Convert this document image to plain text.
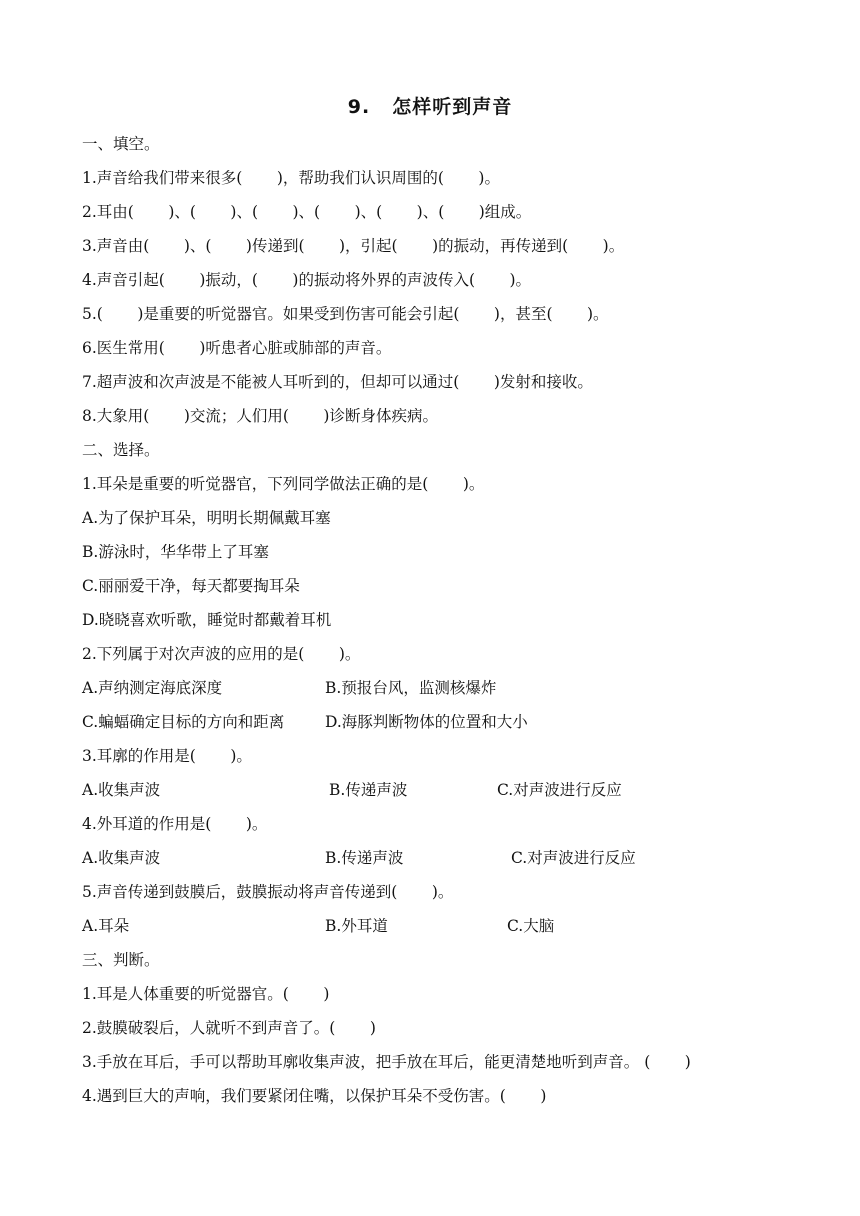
9. 怎样听到声音
一、填空。
1.声音给我们带来很多(       )，帮助我们认识周围的(       )。
2.耳由(       )、(       )、(       )、(       )、(       )、(       )组成。
3.声音由(       )、(       )传递到(       )，引起(       )的振动，再传递到(       )。
4.声音引起(       )振动，(       )的振动将外界的声波传入(       )。
5.(       )是重要的听觉器官。如果受到伤害可能会引起(       )，甚至(       )。
6.医生常用(       )听患者心脏或肺部的声音。
7.超声波和次声波是不能被人耳听到的，但却可以通过(       )发射和接收。
8.大象用(       )交流；人们用(       )诊断身体疾病。
二、选择。
1.耳朵是重要的听觉器官，下列同学做法正确的是(       )。
A.为了保护耳朵，明明长期佩戴耳塞
B.游泳时，华华带上了耳塞
C.丽丽爱干净，每天都要掏耳朵
D.晓晓喜欢听歌，睡觉时都戴着耳机
2.下列属于对次声波的应用的是(       )。
A.声纳测定海底深度	B.预报台风，监测核爆炸
C.蝙蝠确定目标的方向和距离	D.海豚判断物体的位置和大小
3.耳廓的作用是(       )。
A.收集声波	B.传递声波	C.对声波进行反应
4.外耳道的作用是(       )。
A.收集声波	B.传递声波	C.对声波进行反应
5.声音传递到鼓膜后，鼓膜振动将声音传递到(       )。
A.耳朵	B.外耳道	C.大脑
三、判断。
1.耳是人体重要的听觉器官。(       )
2.鼓膜破裂后，人就听不到声音了。(       )
3.手放在耳后，手可以帮助耳廓收集声波，把手放在耳后，能更清楚地听到声音。 (       )
4.遇到巨大的声响，我们要紧闭住嘴，以保护耳朵不受伤害。(       )
